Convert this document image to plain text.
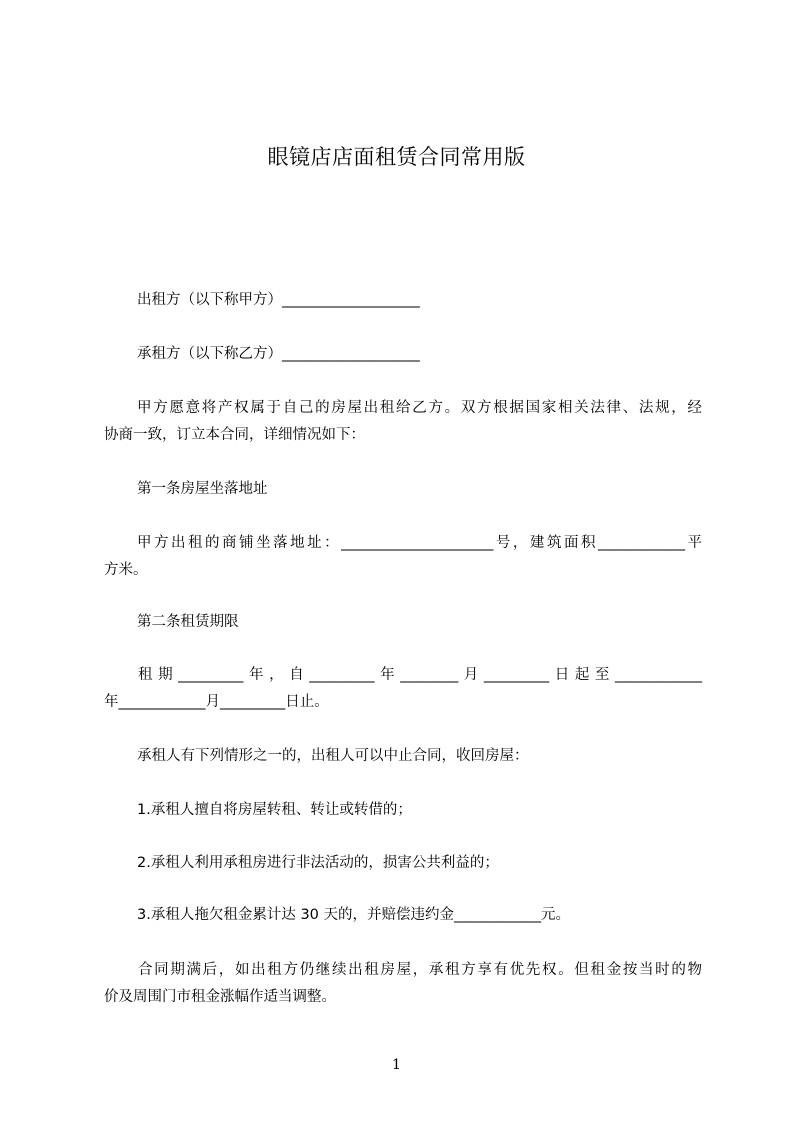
眼镜店店面租赁合同常用版
出租方（以下称甲方）___________________
承租方（以下称乙方）___________________
甲方愿意将产权属于自己的房屋出租给乙方。双方根据国家相关法律、法规，经
协商一致，订立本合同，详细情况如下：
第一条房屋坐落地址
甲方出租的商铺坐落地址：_____________________号，建筑面积____________平
方米。
第二条租赁期限
租期_________年，自_________年________月_________日起至____________
年____________月_________日止。
承租人有下列情形之一的，出租人可以中止合同，收回房屋：
1.承租人擅自将房屋转租、转让或转借的；
2.承租人利用承租房进行非法活动的，损害公共利益的；
3.承租人拖欠租金累计达 30 天的，并赔偿违约金____________元。
合同期满后，如出租方仍继续出租房屋，承租方享有优先权。但租金按当时的物
价及周围门市租金涨幅作适当调整。
1
